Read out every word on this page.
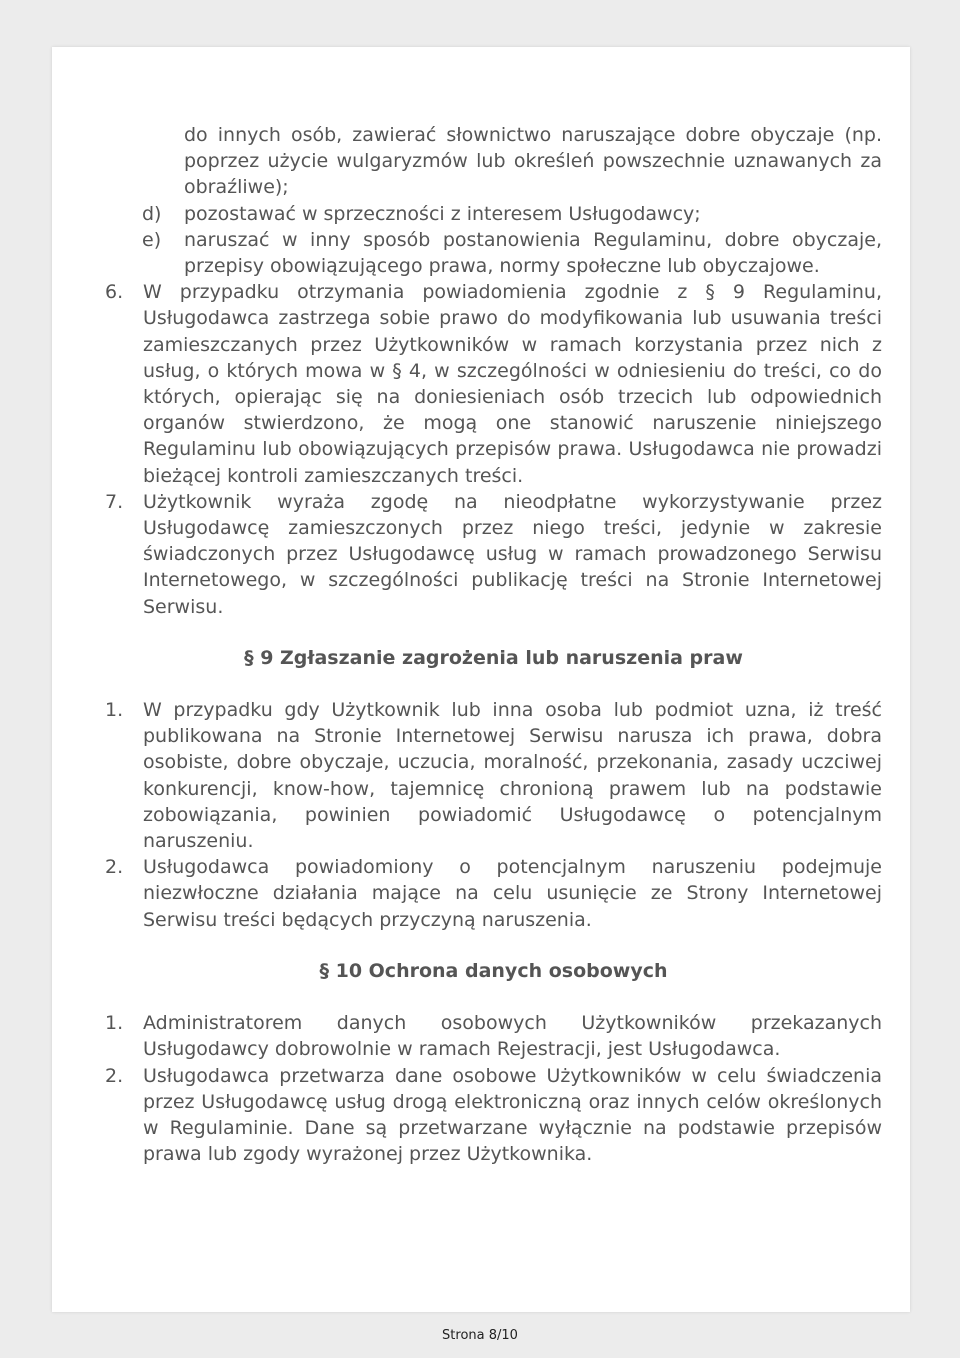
do innych osób, zawierać słownictwo naruszające dobre obyczaje (np. poprzez użycie wulgaryzmów lub określeń powszechnie uznawanych za obraźliwe);
d)	pozostawać w sprzeczności z interesem Usługodawcy;
e)	naruszać w inny sposób postanowienia Regulaminu, dobre obyczaje, przepisy obowiązującego prawa, normy społeczne lub obyczajowe.
6.	W przypadku otrzymania powiadomienia zgodnie z § 9 Regulaminu, Usługodawca zastrzega sobie prawo do modyfikowania lub usuwania treści zamieszczanych przez Użytkowników w ramach korzystania przez nich z usług, o których mowa w § 4, w szczególności w odniesieniu do treści, co do których, opierając się na doniesieniach osób trzecich lub odpowiednich organów stwierdzono, że mogą one stanowić naruszenie niniejszego Regulaminu lub obowiązujących przepisów prawa. Usługodawca nie prowadzi bieżącej kontroli zamieszczanych treści.
7.	Użytkownik wyraża zgodę na nieodpłatne wykorzystywanie przez Usługodawcę zamieszczonych przez niego treści, jedynie w zakresie świadczonych przez Usługodawcę usług w ramach prowadzonego Serwisu Internetowego, w szczególności publikację treści na Stronie Internetowej Serwisu.
§ 9 Zgłaszanie zagrożenia lub naruszenia praw
1.	W przypadku gdy Użytkownik lub inna osoba lub podmiot uzna, iż treść publikowana na Stronie Internetowej Serwisu narusza ich prawa, dobra osobiste, dobre obyczaje, uczucia, moralność, przekonania, zasady uczciwej konkurencji, know-how, tajemnicę chronioną prawem lub na podstawie zobowiązania, powinien powiadomić Usługodawcę o potencjalnym naruszeniu.
2.	Usługodawca powiadomiony o potencjalnym naruszeniu podejmuje niezwłoczne działania mające na celu usunięcie ze Strony Internetowej Serwisu treści będących przyczyną naruszenia.
§ 10 Ochrona danych osobowych
1.	Administratorem danych osobowych Użytkowników przekazanych Usługodawcy dobrowolnie w ramach Rejestracji, jest Usługodawca.
2.	Usługodawca przetwarza dane osobowe Użytkowników w celu świadczenia przez Usługodawcę usług drogą elektroniczną oraz innych celów określonych w Regulaminie. Dane są przetwarzane wyłącznie na podstawie przepisów prawa lub zgody wyrażonej przez Użytkownika.
Strona 8/10
